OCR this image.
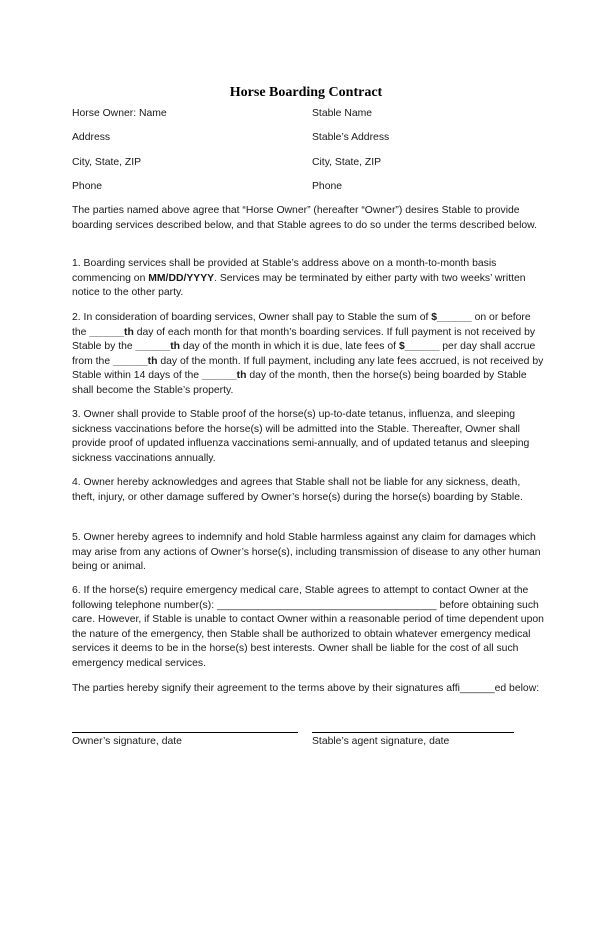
Horse Boarding Contract
Horse Owner: Name	Stable Name
Address	Stable’s Address
City, State, ZIP	City, State, ZIP
Phone	Phone

The parties named above agree that “Horse Owner” (hereafter “Owner”) desires Stable to provide boarding services described below, and that Stable agrees to do so under the terms described below.

1. Boarding services shall be provided at Stable’s address above on a month-to-month basis commencing on MM/DD/YYYY. Services may be terminated by either party with two weeks’ written notice to the other party.

2. In consideration of boarding services, Owner shall pay to Stable the sum of $______ on or before the ______th day of each month for that month’s boarding services. If full payment is not received by Stable by the ______th day of the month in which it is due, late fees of $______ per day shall accrue from the ______th day of the month. If full payment, including any late fees accrued, is not received by Stable within 14 days of the ______th day of the month, then the horse(s) being boarded by Stable shall become the Stable’s property.

3. Owner shall provide to Stable proof of the horse(s) up-to-date tetanus, influenza, and sleeping sickness vaccinations before the horse(s) will be admitted into the Stable. Thereafter, Owner shall provide proof of updated influenza vaccinations semi-annually, and of updated tetanus and sleeping sickness vaccinations annually.

4. Owner hereby acknowledges and agrees that Stable shall not be liable for any sickness, death, theft, injury, or other damage suffered by Owner’s horse(s) during the horse(s) boarding by Stable.

5. Owner hereby agrees to indemnify and hold Stable harmless against any claim for damages which may arise from any actions of Owner’s horse(s), including transmission of disease to any other human being or animal.

6. If the horse(s) require emergency medical care, Stable agrees to attempt to contact Owner at the following telephone number(s): ______________________________________ before obtaining such care. However, if Stable is unable to contact Owner within a reasonable period of time dependent upon the nature of the emergency, then Stable shall be authorized to obtain whatever emergency medical services it deems to be in the horse(s) best interests. Owner shall be liable for the cost of all such emergency medical services.

The parties hereby signify their agreement to the terms above by their signatures affi______ed below:

Owner’s signature, date	Stable’s agent signature, date
